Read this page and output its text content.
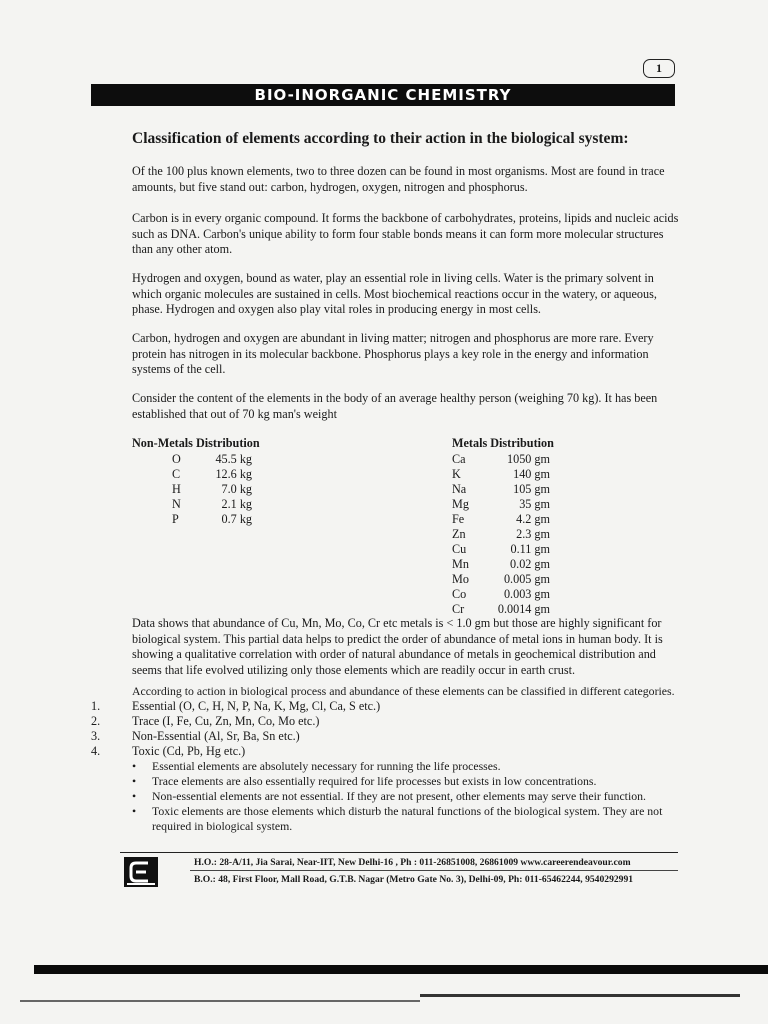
1
BIO-INORGANIC CHEMISTRY
Classification of elements according to their action in the biological system:

Of the 100 plus known elements, two to three dozen can be found in most organisms. Most are found in trace amounts, but five stand out: carbon, hydrogen, oxygen, nitrogen and phosphorus.

Carbon is in every organic compound. It forms the backbone of carbohydrates, proteins, lipids and nucleic acids such as DNA. Carbon's unique ability to form four stable bonds means it can form more molecular structures than any other atom.

Hydrogen and oxygen, bound as water, play an essential role in living cells. Water is the primary solvent in which organic molecules are sustained in cells. Most biochemical reactions occur in the watery, or aqueous, phase. Hydrogen and oxygen also play vital roles in producing energy in most cells.

Carbon, hydrogen and oxygen are abundant in living matter; nitrogen and phosphorus are more rare. Every protein has nitrogen in its molecular backbone. Phosphorus plays a key role in the energy and information systems of the cell.

Consider the content of the elements in the body of an average healthy person (weighing 70 kg). It has been established that out of 70 kg man's weight

Non-Metals Distribution
O	45.5 kg
C	12.6 kg
H	7.0 kg
N	2.1 kg
P	0.7 kg
Metals Distribution
Ca	1050 gm
K	140 gm
Na	105 gm
Mg	35 gm
Fe	4.2 gm
Zn	2.3 gm
Cu	0.11 gm
Mn	0.02 gm
Mo	0.005 gm
Co	0.003 gm
Cr	0.0014 gm

Data shows that abundance of Cu, Mn, Mo, Co, Cr etc metals is < 1.0 gm but those are highly significant for biological system. This partial data helps to predict the order of abundance of metal ions in human body. It is showing a qualitative correlation with order of natural abundance of metals in geochemical distribution and seems that life evolved utilizing only those elements which are readily occur in earth crust.

According to action in biological process and abundance of these elements can be classified in different categories.

1.	Essential (O, C, H, N, P, Na, K, Mg, Cl, Ca, S etc.)
2.	Trace (I, Fe, Cu, Zn, Mn, Co, Mo etc.)
3.	Non-Essential (Al, Sr, Ba, Sn etc.)
4.	Toxic (Cd, Pb, Hg etc.)
•	Essential elements are absolutely necessary for running the life processes.
•	Trace elements are also essentially required for life processes but exists in low concentrations.
•	Non-essential elements are not essential. If they are not present, other elements may serve their function.
•	Toxic elements are those elements which disturb the natural functions of the biological system. They are not required in biological system.
H.O.: 28-A/11, Jia Sarai, Near-IIT, New Delhi-16 , Ph : 011-26851008, 26861009 www.careerendeavour.com
B.O.: 48, First Floor, Mall Road, G.T.B. Nagar (Metro Gate No. 3), Delhi-09, Ph: 011-65462244, 9540292991
